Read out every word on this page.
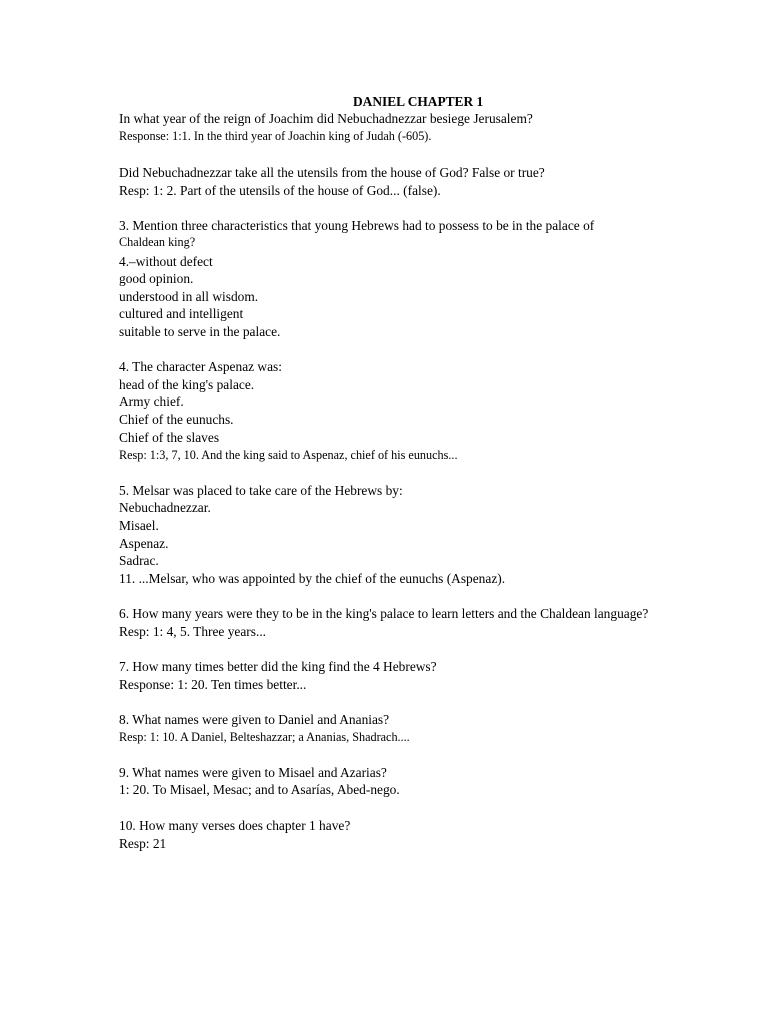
DANIEL CHAPTER 1
In what year of the reign of Joachim did Nebuchadnezzar besiege Jerusalem?
Response: 1:1. In the third year of Joachin king of Judah (-605).
Did Nebuchadnezzar take all the utensils from the house of God? False or true?
Resp: 1: 2. Part of the utensils of the house of God... (false).
3. Mention three characteristics that young Hebrews had to possess to be in the palace of
Chaldean king?
4.–without defect
good opinion.
understood in all wisdom.
cultured and intelligent
suitable to serve in the palace.
4. The character Aspenaz was:
head of the king's palace.
Army chief.
Chief of the eunuchs.
Chief of the slaves
Resp: 1:3, 7, 10. And the king said to Aspenaz, chief of his eunuchs...
5. Melsar was placed to take care of the Hebrews by:
Nebuchadnezzar.
Misael.
Aspenaz.
Sadrac.
11. ...Melsar, who was appointed by the chief of the eunuchs (Aspenaz).
6. How many years were they to be in the king's palace to learn letters and the Chaldean language?
Resp: 1: 4, 5. Three years...
7. How many times better did the king find the 4 Hebrews?
Response: 1: 20. Ten times better...
8. What names were given to Daniel and Ananias?
Resp: 1: 10. A Daniel, Belteshazzar; a Ananias, Shadrach....
9. What names were given to Misael and Azarias?
1: 20. To Misael, Mesac; and to Asarías, Abed-nego.
10. How many verses does chapter 1 have?
Resp: 21
